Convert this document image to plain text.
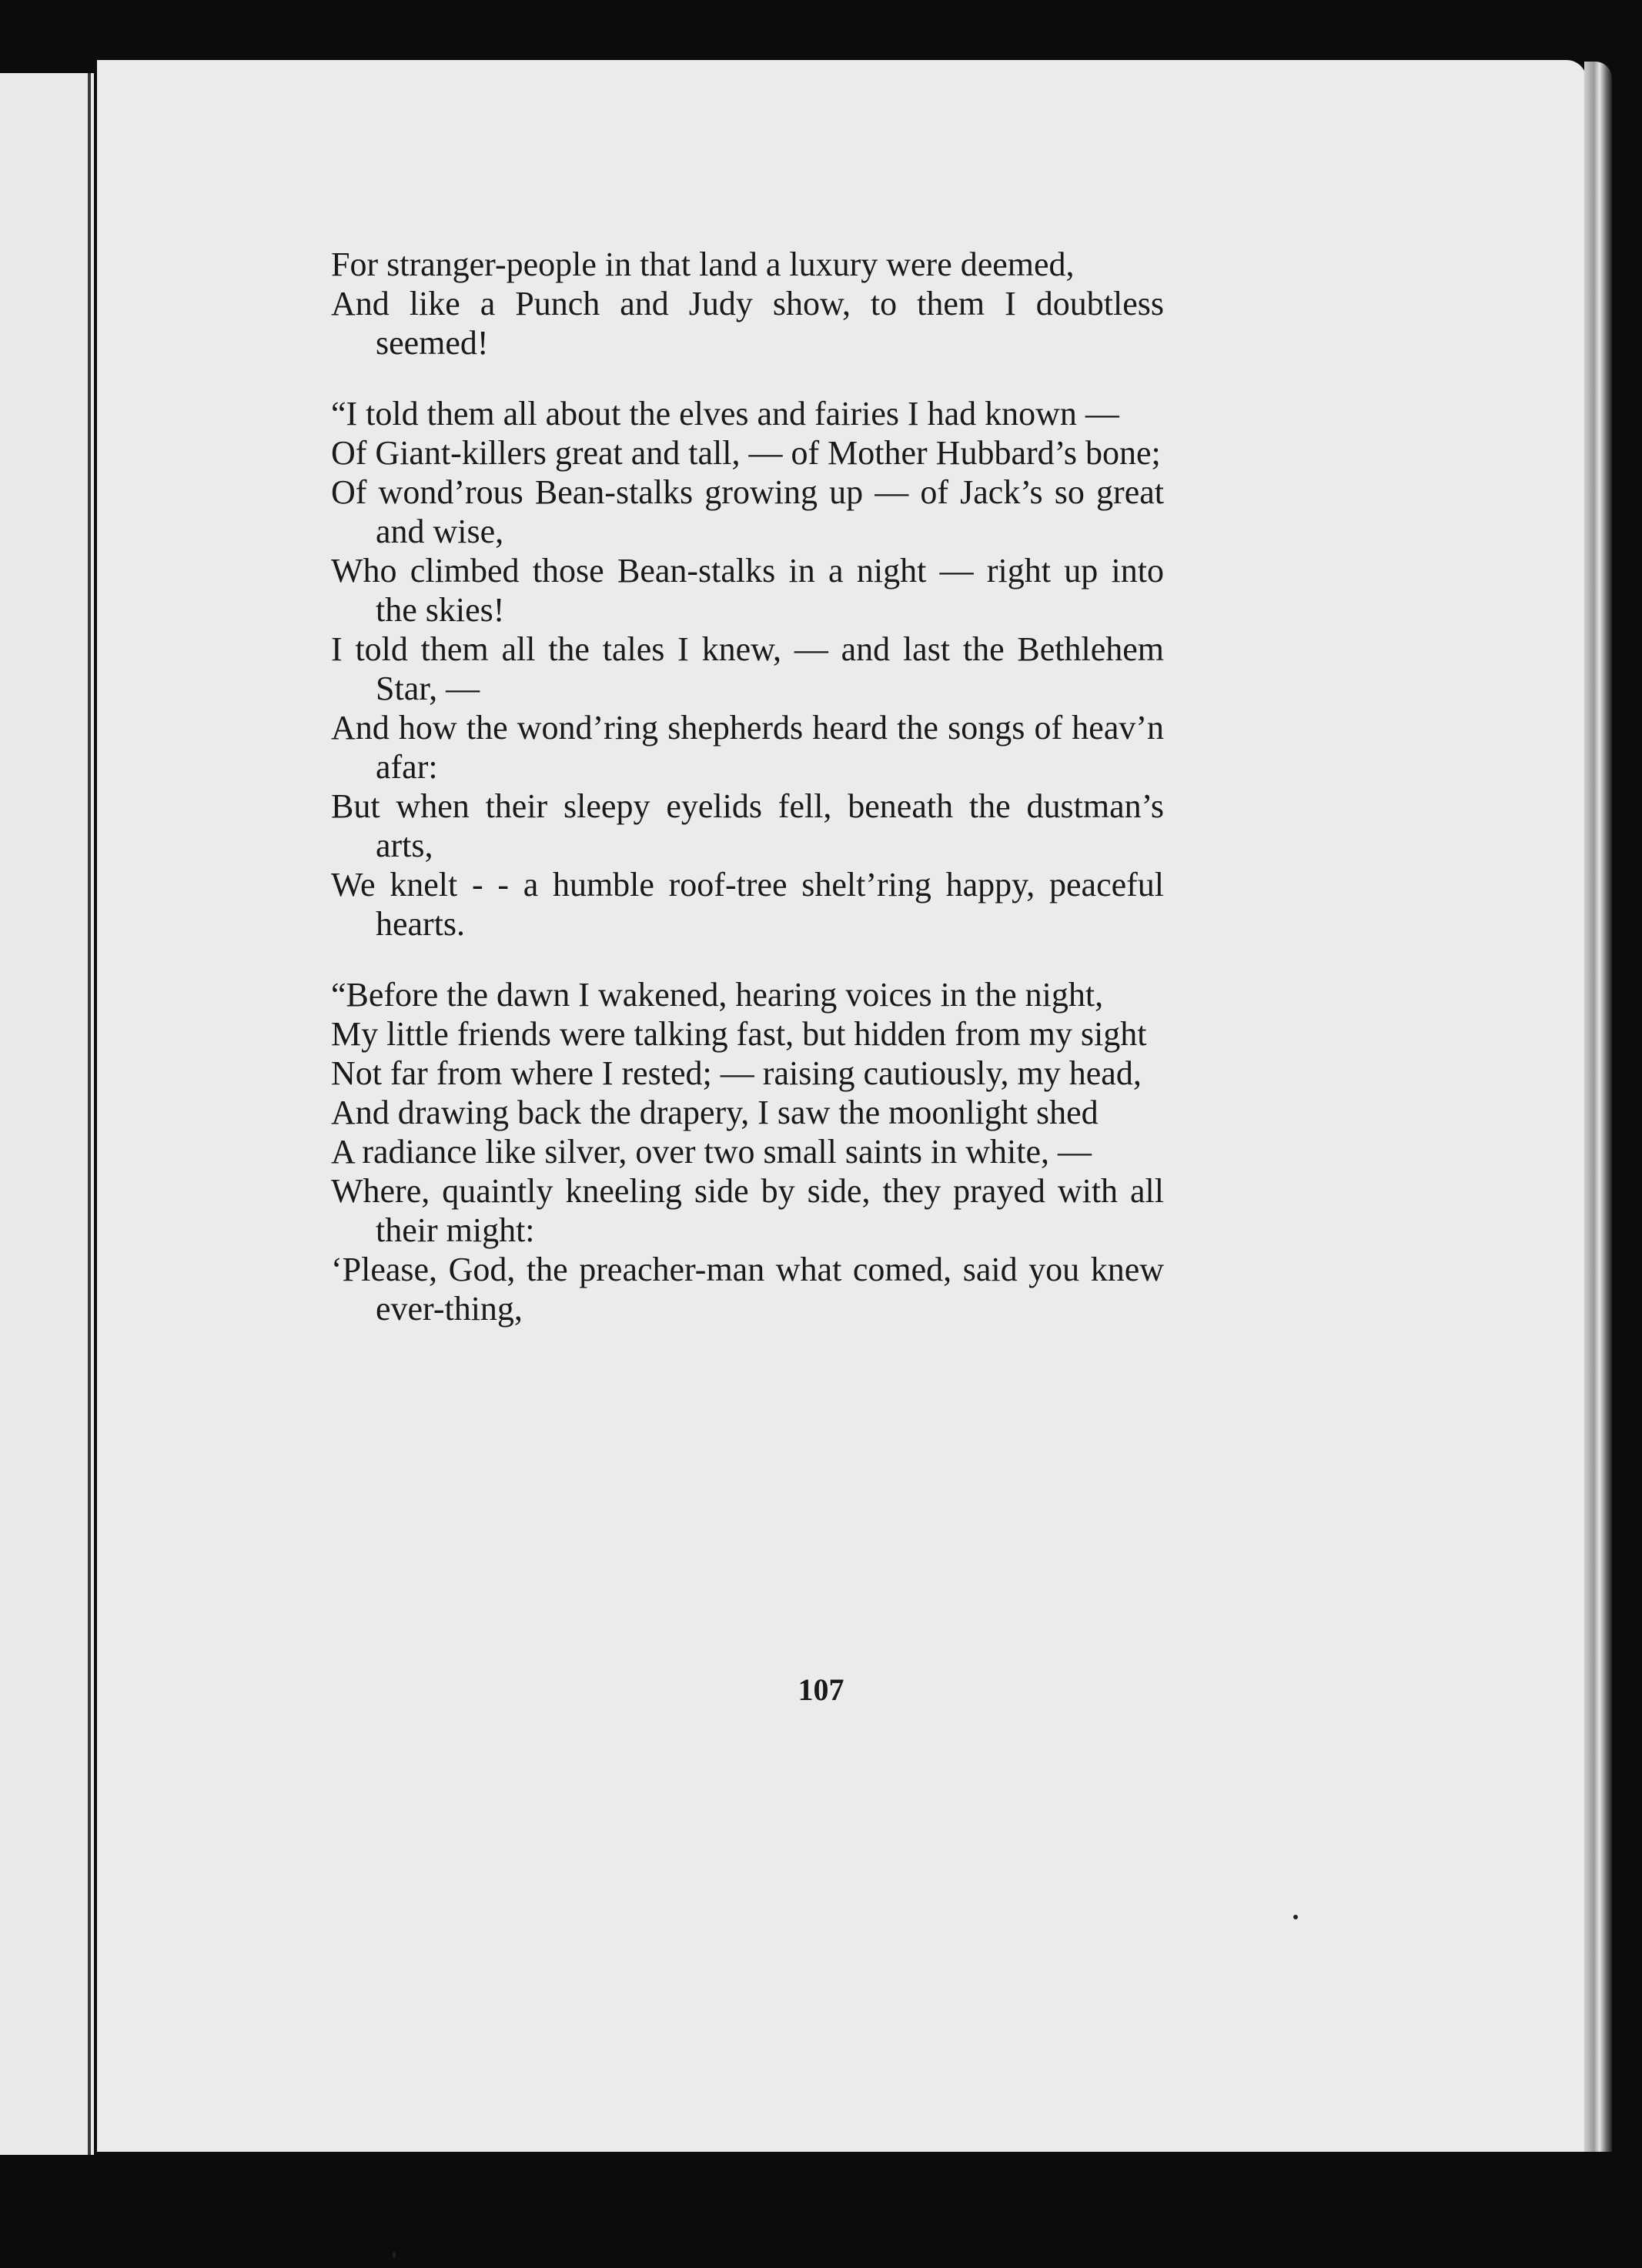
For stranger-people in that land a luxury were deemed,

And like a Punch and Judy show, to them I doubtless seemed!

“I told them all about the elves and fairies I had known —

Of Giant-killers great and tall, — of Mother Hubbard’s bone;

Of wond’rous Bean-stalks growing up — of Jack’s so great and wise,

Who climbed those Bean-stalks in a night — right up into the skies!

I told them all the tales I knew, — and last the Bethlehem Star, —

And how the wond’ring shepherds heard the songs of heav’n afar:

But when their sleepy eyelids fell, beneath the dustman’s arts,

We knelt - - a humble roof-tree shelt’ring happy, peaceful hearts.

“Before the dawn I wakened, hearing voices in the night,

My little friends were talking fast, but hidden from my sight

Not far from where I rested; — raising cautiously, my head,

And drawing back the drapery, I saw the moonlight shed

A radiance like silver, over two small saints in white, —

Where, quaintly kneeling side by side, they prayed with all their might:

‘Please, God, the preacher-man what comed, said you knew ever-thing,

107
